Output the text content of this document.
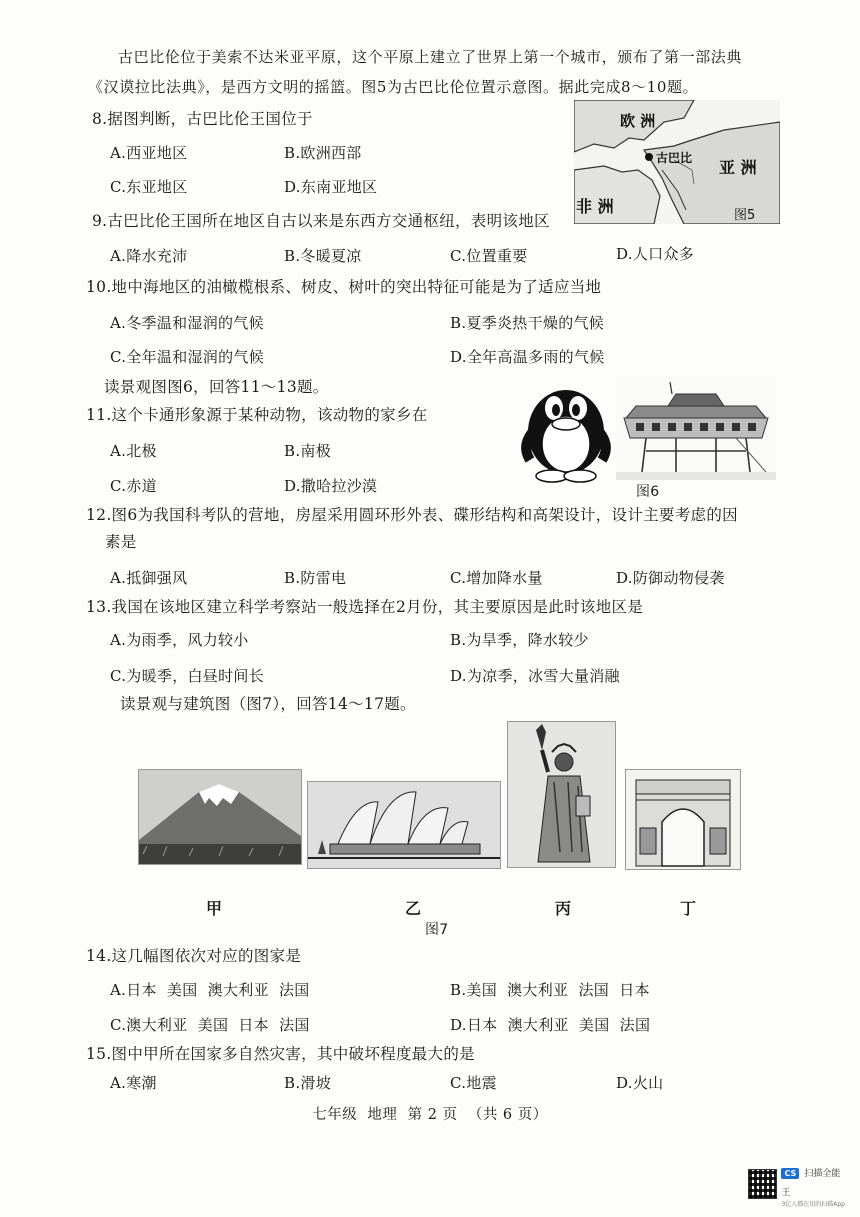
古巴比伦位于美索不达米亚平原，这个平原上建立了世界上第一个城市，颁布了第一部法典
《汉谟拉比法典》，是西方文明的摇篮。图5为古巴比伦位置示意图。据此完成8～10题。
8.据图判断，古巴比伦王国位于
A.西亚地区	B.欧洲西部
C.东亚地区	D.东南亚地区
欧 洲
古巴比 亚 洲
非 洲	图5
9.古巴比伦王国所在地区自古以来是东西方交通枢纽，表明该地区
A.降水充沛	B.冬暖夏凉	C.位置重要	D.人口众多
10.地中海地区的油橄榄根系、树皮、树叶的突出特征可能是为了适应当地
A.冬季温和湿润的气候	B.夏季炎热干燥的气候
C.全年温和湿润的气候	D.全年高温多雨的气候
读景观图图6，回答11～13题。
图6
11.这个卡通形象源于某种动物，该动物的家乡在
A.北极	B.南极
C.赤道	D.撒哈拉沙漠
12.图6为我国科考队的营地，房屋采用圆环形外表、碟形结构和高架设计，设计主要考虑的因
素是
A.抵御强风	B.防雷电	C.增加降水量	D.防御动物侵袭
13.我国在该地区建立科学考察站一般选择在2月份，其主要原因是此时该地区是
A.为雨季，风力较小	B.为旱季，降水较少
C.为暖季，白昼时间长	D.为凉季，冰雪大量消融
读景观与建筑图（图7），回答14～17题。
甲	乙	丙	丁
图7
14.这几幅图依次对应的图家是
A.日本  美国  澳大利亚  法国	B.美国  澳大利亚  法国  日本
C.澳大利亚  美国  日本  法国	D.日本  澳大利亚  美国  法国
15.图中甲所在国家多自然灾害，其中破坏程度最大的是
A.寒潮	B.滑坡	C.地震	D.火山
七年级  地理  第 2 页  （共 6 页）
CS 扫描全能王
3亿人都在用的扫描App
